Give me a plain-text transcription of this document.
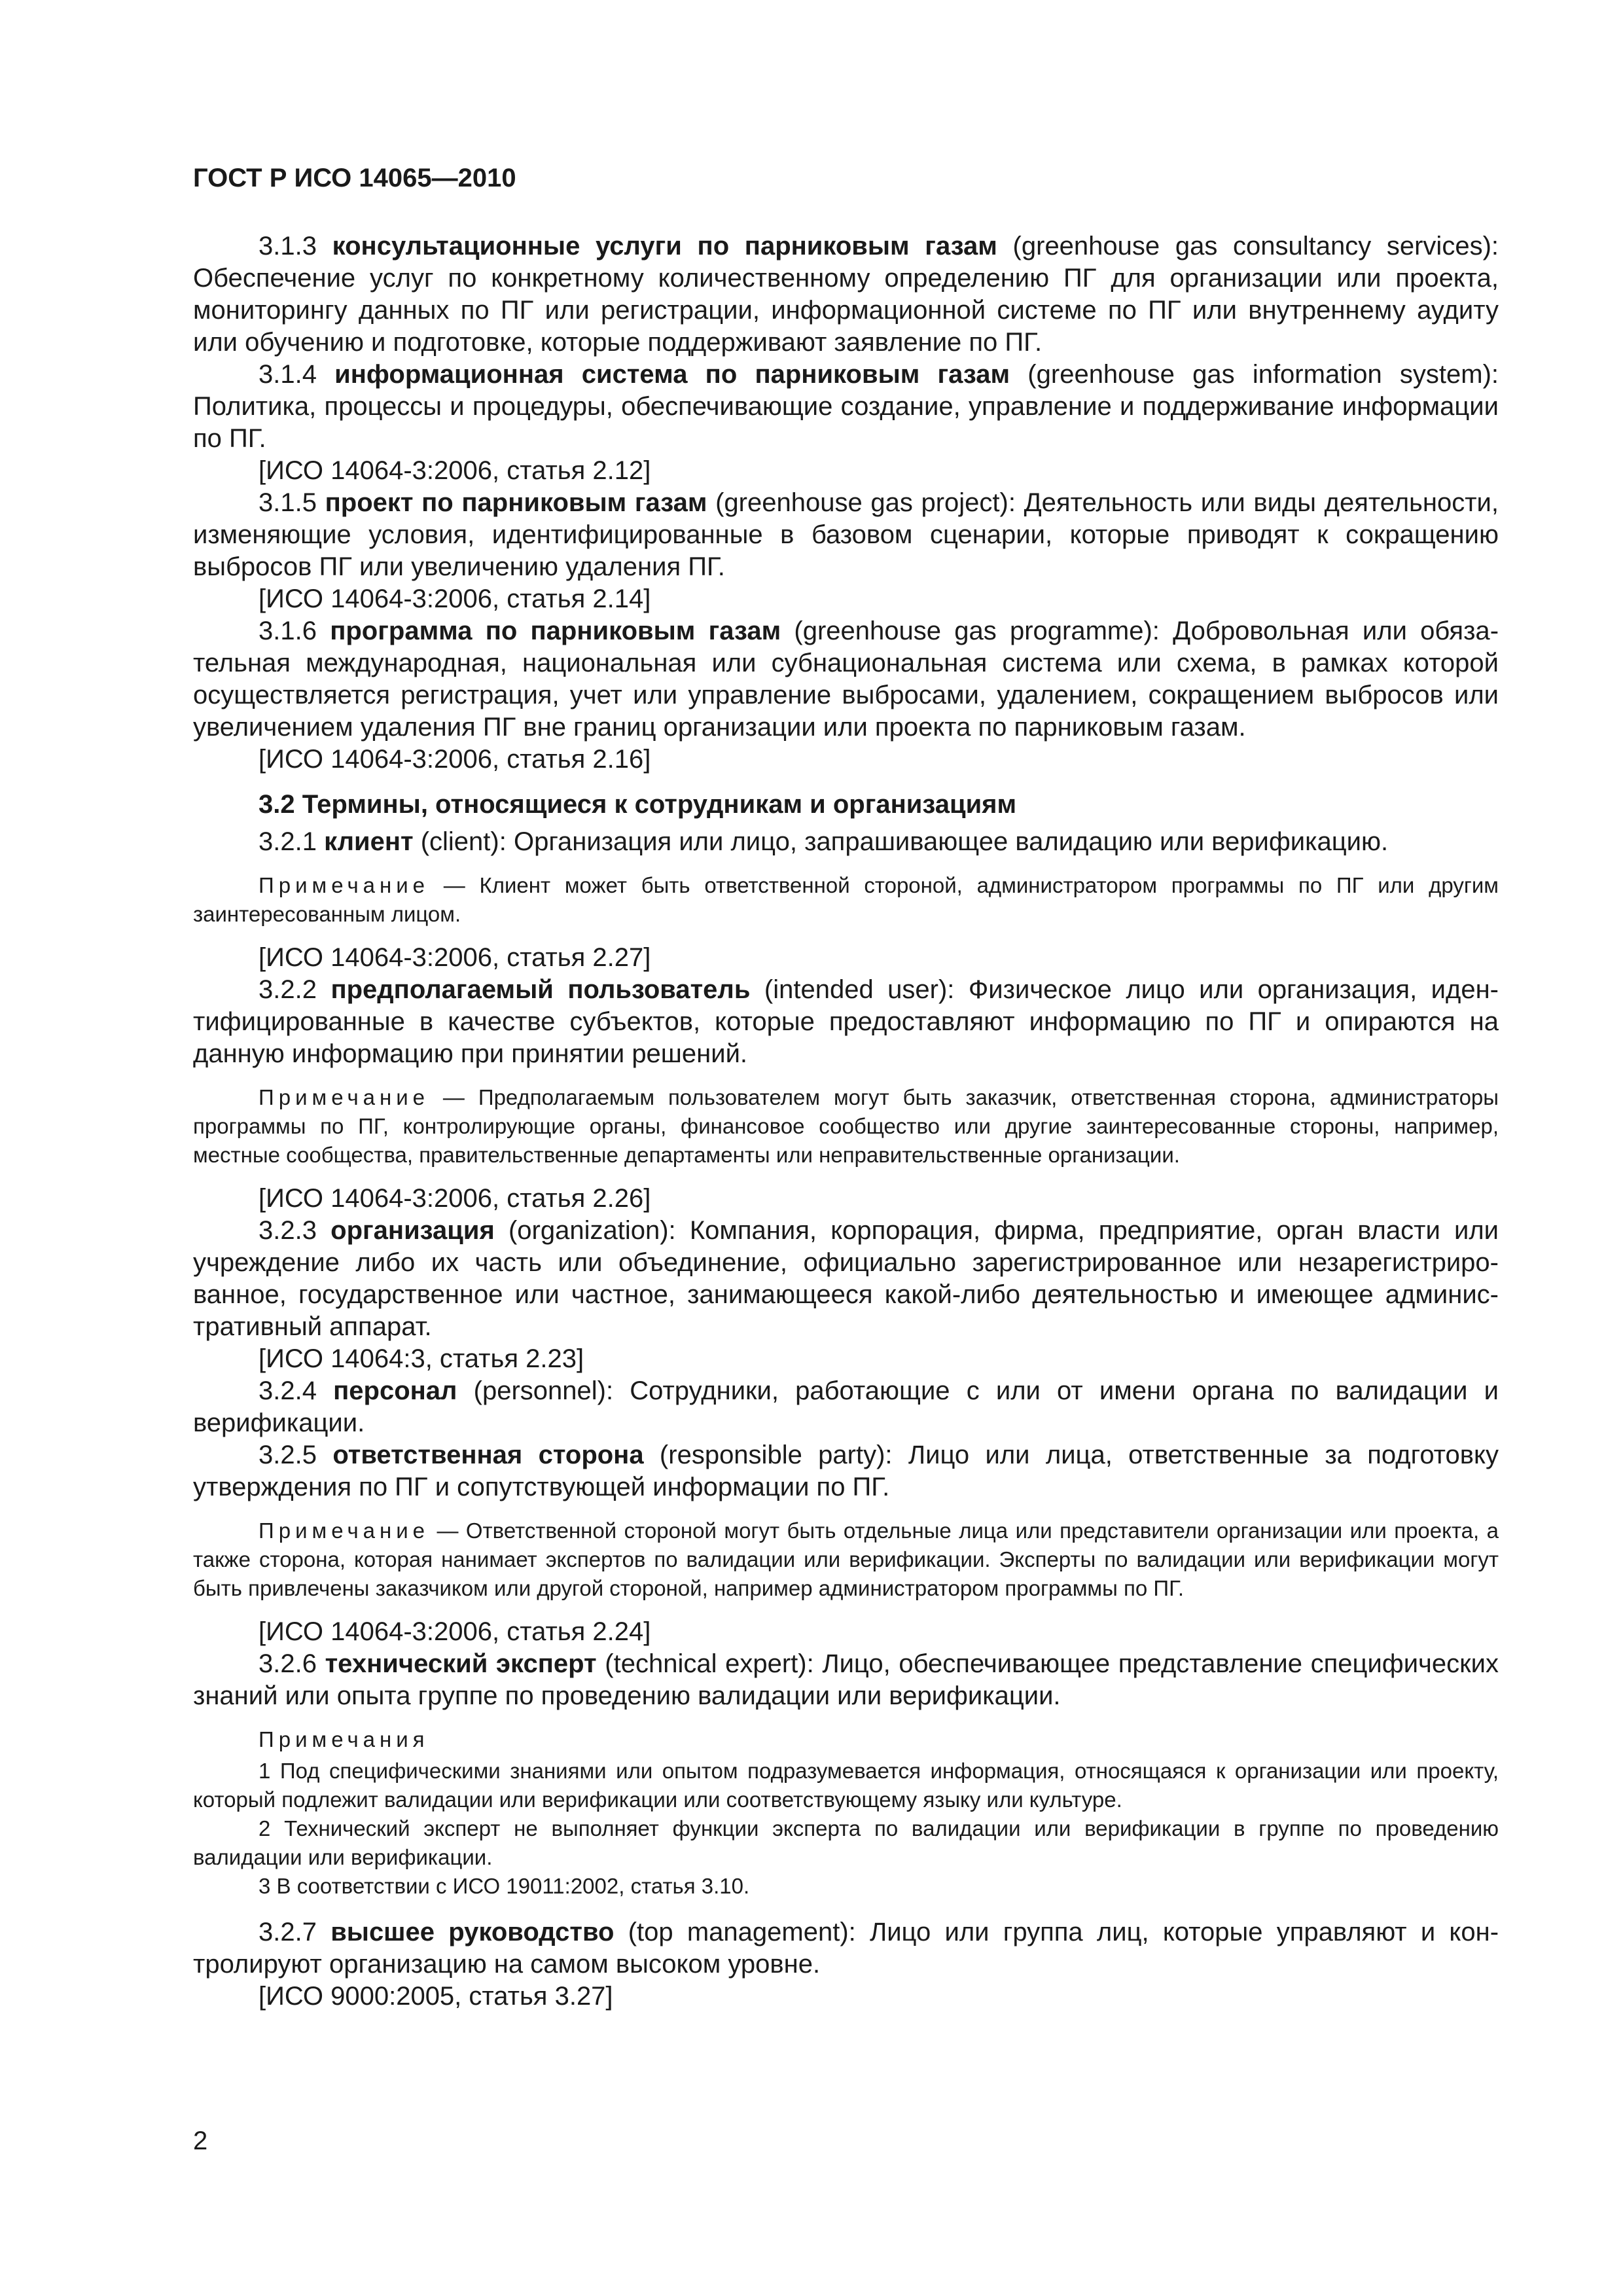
ГОСТ Р ИСО 14065—2010

3.1.3 консультационные услуги по парниковым газам (greenhouse gas consultancy services): Обеспечение услуг по конкретному количественному определению ПГ для организации или проекта, мониторингу данных по ПГ или регистрации, информационной системе по ПГ или внутреннему аудиту или обучению и подготовке, которые поддерживают заявление по ПГ.

3.1.4 информационная система по парниковым газам (greenhouse gas information system): Политика, процессы и процедуры, обеспечивающие создание, управление и поддерживание информации по ПГ.

[ИСО 14064-3:2006, статья 2.12]

3.1.5 проект по парниковым газам (greenhouse gas project): Деятельность или виды деятельности, изменяющие условия, идентифицированные в базовом сценарии, которые приводят к сокращению выбросов ПГ или увеличению удаления ПГ.

[ИСО 14064-3:2006, статья 2.14]

3.1.6 программа по парниковым газам (greenhouse gas programme): Добровольная или обязательная международная, национальная или субнациональная система или схема, в рамках которой осуществляется регистрация, учет или управление выбросами, удалением, сокращением выбросов или увеличением удаления ПГ вне границ организации или проекта по парниковым газам.

[ИСО 14064-3:2006, статья 2.16]

3.2 Термины, относящиеся к сотрудникам и организациям

3.2.1 клиент (client): Организация или лицо, запрашивающее валидацию или верификацию.

Примечание — Клиент может быть ответственной стороной, администратором программы по ПГ или другим заинтересованным лицом.

[ИСО 14064-3:2006, статья 2.27]

3.2.2 предполагаемый пользователь (intended user): Физическое лицо или организация, идентифицированные в качестве субъектов, которые предоставляют информацию по ПГ и опираются на данную информацию при принятии решений.

Примечание — Предполагаемым пользователем могут быть заказчик, ответственная сторона, администраторы программы по ПГ, контролирующие органы, финансовое сообщество или другие заинтересованные стороны, например, местные сообщества, правительственные департаменты или неправительственные организации.

[ИСО 14064-3:2006, статья 2.26]

3.2.3 организация (organization): Компания, корпорация, фирма, предприятие, орган власти или учреждение либо их часть или объединение, официально зарегистрированное или незарегистрированное, государственное или частное, занимающееся какой-либо деятельностью и имеющее административный аппарат.

[ИСО 14064:3, статья 2.23]

3.2.4 персонал (personnel): Сотрудники, работающие с или от имени органа по валидации и верификации.

3.2.5 ответственная сторона (responsible party): Лицо или лица, ответственные за подготовку утверждения по ПГ и сопутствующей информации по ПГ.

Примечание — Ответственной стороной могут быть отдельные лица или представители организации или проекта, а также сторона, которая нанимает экспертов по валидации или верификации. Эксперты по валидации или верификации могут быть привлечены заказчиком или другой стороной, например администратором программы по ПГ.

[ИСО 14064-3:2006, статья 2.24]

3.2.6 технический эксперт (technical expert): Лицо, обеспечивающее представление специфических знаний или опыта группе по проведению валидации или верификации.

Примечания

1 Под специфическими знаниями или опытом подразумевается информация, относящаяся к организации или проекту, который подлежит валидации или верификации или соответствующему языку или культуре.

2 Технический эксперт не выполняет функции эксперта по валидации или верификации в группе по проведению валидации или верификации.

3 В соответствии с ИСО 19011:2002, статья 3.10.

3.2.7 высшее руководство (top management): Лицо или группа лиц, которые управляют и контролируют организацию на самом высоком уровне.

[ИСО 9000:2005, статья 3.27]

2
